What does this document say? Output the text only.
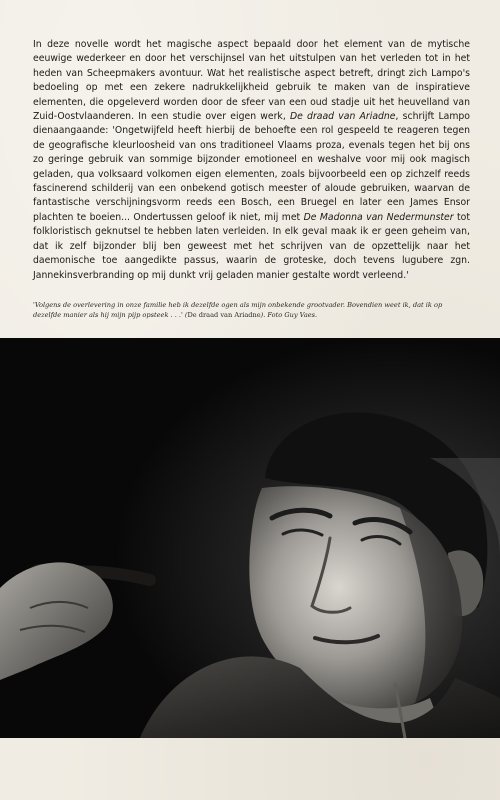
In deze novelle wordt het magische aspect bepaald door het element van de mytische eeuwige wederkeer en door het verschijnsel van het uitstulpen van het verleden tot in het heden van Scheepmakers avontuur. Wat het realistische aspect betreft, dringt zich Lampo's bedoeling op met een zekere nadrukkelijkheid gebruik te maken van de inspiratieve elementen, die opgeleverd worden door de sfeer van een oud stadje uit het heuvelland van Zuid-Oostvlaanderen. In een studie over eigen werk, De draad van Ariadne, schrijft Lampo dienaangaande: 'Ongetwijfeld heeft hierbij de behoefte een rol gespeeld te reageren tegen de geografische kleurloosheid van ons traditioneel Vlaams proza, evenals tegen het bij ons zo geringe gebruik van sommige bijzonder emotioneel en weshalve voor mij ook magisch geladen, qua volksaard volkomen eigen elementen, zoals bijvoorbeeld een op zichzelf reeds fascinerend schilderij van een onbekend gotisch meester of aloude gebruiken, waarvan de fantastische verschijningsvorm reeds een Bosch, een Bruegel en later een James Ensor plachten te boeien... Ondertussen geloof ik niet, mij met De Madonna van Nedermunster tot folkloristisch geknutsel te hebben laten verleiden. In elk geval maak ik er geen geheim van, dat ik zelf bijzonder blij ben geweest met het schrijven van de opzettelijk naar het daemonische toe aangedikte passus, waarin de groteske, doch tevens lugubere zgn. Jannekinsverbranding op mij dunkt vrij geladen manier gestalte wordt verleend.'

'Volgens de overlevering in onze familie heb ik dezelfde ogen als mijn onbekende grootvader. Bovendien weet ik, dat ik op dezelfde manier als hij mijn pijp opsteek . . .' (De draad van Ariadne). Foto Guy Vaes.
